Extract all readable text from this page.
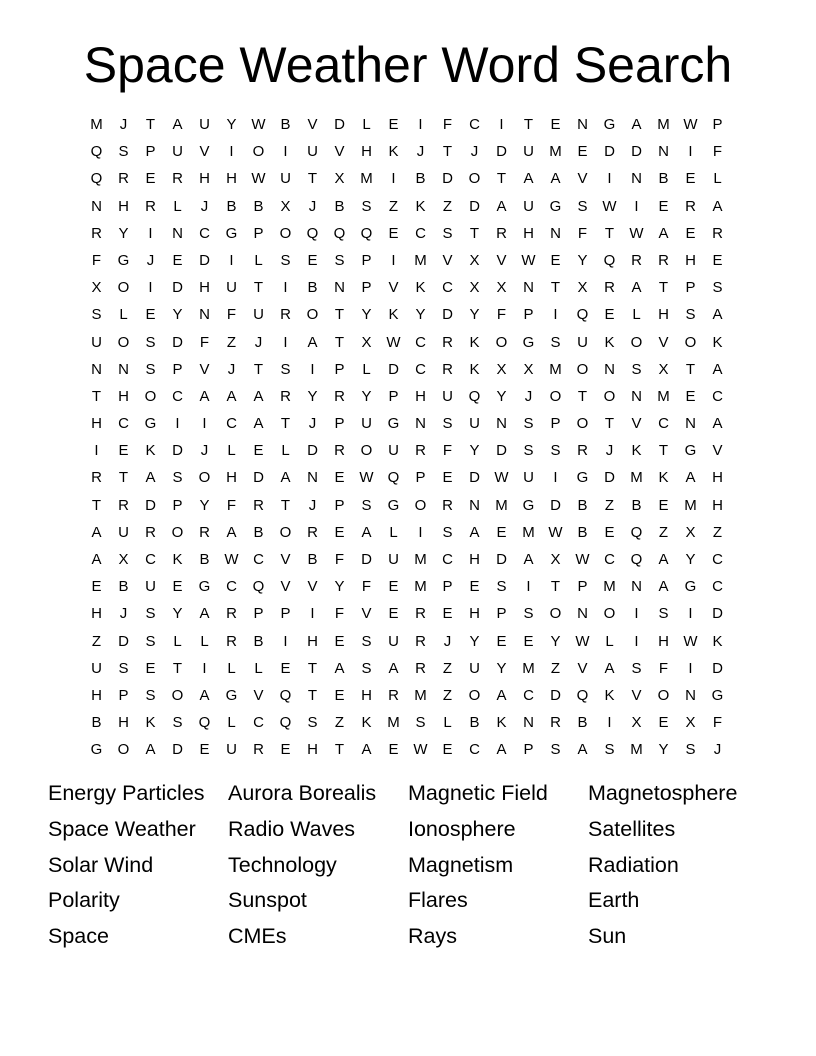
Space Weather Word Search
M	J	T	A	U	Y W B	V	D	L	E	I	F	C	I	T	E	N	G	A	M W P
Q	S	P	U	V	I	O	I	U	V	H	K	J	T	J	D	U	M	E	D	D	N	I	F
Q	R	E	R	H	H W U	T	X	M	I	B	D	O	T	A	A	V	I	N	B	E	L
N	H	R	L	J	B	B	X	J	B	S	Z	K	Z	D	A	U	G	S W	I	E	R	A
R	Y	I	N	C	G	P	O	Q	Q	Q	E	C	S	T	R	H	N	F	T	W A	E	R
F	G	J	E	D	I	L	S	E	S	P	I	M	V	X	V W E	Y	Q	R	R	H	E
X	O	I	D	H	U	T	I	B	N	P	V	K	C	X	X	N	T	X	R	A	T	P	S
S	L	E	Y	N	F	U	R	O	T	Y	K	Y	D	Y	F	P	I	Q	E	L	H	S	A
U	O	S	D	F	Z	J	I	A	T	X W C	R	K	O	G	S	U	K	O	V	O	K
N	N	S	P	V	J	T	S	I	P	L	D	C	R	K	X	X	M O	N	S	X	T	A
T	H	O	C	A	A	A	R	Y	R	Y	P	H	U	Q	Y	J	O	T	O	N	M	E	C
H	C	G	I	I	C	A	T	J	P	U	G	N	S	U	N	S	P	O	T	V	C	N	A
I	E	K	D	J	L	E	L	D	R	O	U	R	F	Y	D	S	S	R	J	K	T	G	V
R	T	A	S	O	H	D	A	N	E W Q	P	E	D W U	I	G	D	M	K	A	H
T	R	D	P	Y	F	R	T	J	P	S	G	O	R	N	M G	D	B	Z	B	E	M	H
A	U	R	O	R	A	B	O	R	E	A	L	I	S	A	E	M W B	E	Q	Z	X	Z
A	X	C	K	B W C	V	B	F	D	U	M	C	H	D	A	X W C	Q	A	Y	C
E	B	U	E	G	C	Q	V	V	Y	F	E	M	P	E	S	I	T	P	M	N	A	G	C
H	J	S	Y	A	R	P	P	I	F	V	E	R	E	H	P	S	O	N	O	I	S	I	D
Z	D	S	L	L	R	B	I	H	E	S	U	R	J	Y	E	E	Y W	L	I	H W K
U	S	E	T	I	L	L	E	T	A	S	A	R	Z	U	Y	M	Z	V	A	S	F	I	D
H	P	S	O	A	G	V	Q	T	E	H	R	M	Z	O	A	C	D	Q	K	V	O	N	G
B	H	K	S	Q	L	C	Q	S	Z	K	M	S	L	B	K	N	R	B	I	X	E	X	F
G	O	A	D	E	U	R	E	H	T	A	E W E	C	A	P	S	A	S	M	Y	S	J
Energy Particles	Aurora Borealis	Magnetic Field	Magnetosphere
Space Weather	Radio Waves	Ionosphere	Satellites
Solar Wind	Technology	Magnetism	Radiation
Polarity	Sunspot	Flares	Earth
Space	CMEs	Rays	Sun
